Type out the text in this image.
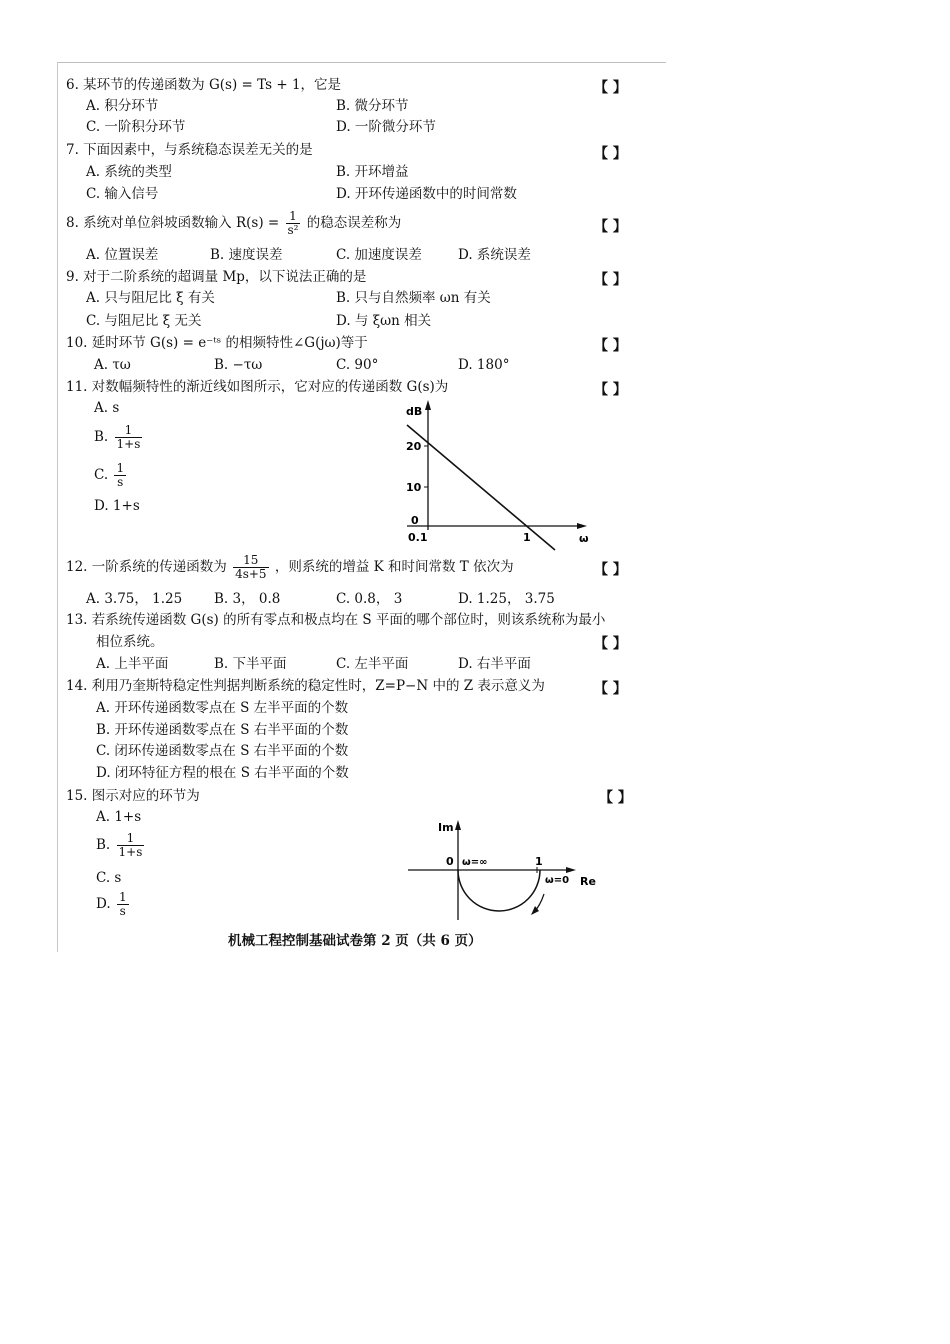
6. 某环节的传递函数为 G(s) = Ts + 1，它是	【 】
A. 积分环节	B. 微分环节
C. 一阶积分环节	D. 一阶微分环节
7. 下面因素中，与系统稳态误差无关的是	【 】
A. 系统的类型	B. 开环增益
C. 输入信号	D. 开环传递函数中的时间常数
8. 系统对单位斜坡函数输入 $R(s) = \frac{1}{\text{s²}}$ 的稳态误差称为	【 】
A. 位置误差	B. 速度误差	C. 加速度误差	D. 系统误差
9. 对于二阶系统的超调量 Mp，以下说法正确的是	【 】
A. 只与阻尼比 ξ 有关	B. 只与自然频率 ωn 有关
C. 与阻尼比 ξ 无关	D. 与 ξωn 相关
10. 延时环节 G(s) = e⁻ᵗˢ 的相频特性∠G(jω)等于	【 】
A. τω	B. −τω	C. 90°	D. 180°
11. 对数幅频特性的渐近线如图所示，它对应的传递函数 G(s)为	【 】
A. s
B. $\frac{1}{1+s}$
C. $\frac{1}{s}$
D. 1+s
dB
20
10
0
0.1	1	ω
12. 一阶系统的传递函数为 $\frac{15}{4s+5}$ ，则系统的增益 K 和时间常数 T 依次为	【 】
A. 3.75， 1.25 B. 3， 0.8	C. 0.8， 3	D. 1.25， 3.75
13. 若系统传递函数 G(s) 的所有零点和极点均在 S 平面的哪个部位时，则该系统称为最小
相位系统。	【 】
A. 上半平面	B. 下半平面	C. 左半平面	D. 右半平面
14. 利用乃奎斯特稳定性判据判断系统的稳定性时，Z=P−N 中的 Z 表示意义为	【 】
A. 开环传递函数零点在 S 左半平面的个数
B. 开环传递函数零点在 S 右半平面的个数
C. 闭环传递函数零点在 S 右半平面的个数
D. 闭环特征方程的根在 S 右半平面的个数
15. 图示对应的环节为	【 】
A. 1+s
B. $\frac{1}{1+s}$
C. s
D. $\frac{1}{s}$
Im
0 ω=∞	1
ω=0 Re
机械工程控制基础试卷第 2 页（共 6 页）
